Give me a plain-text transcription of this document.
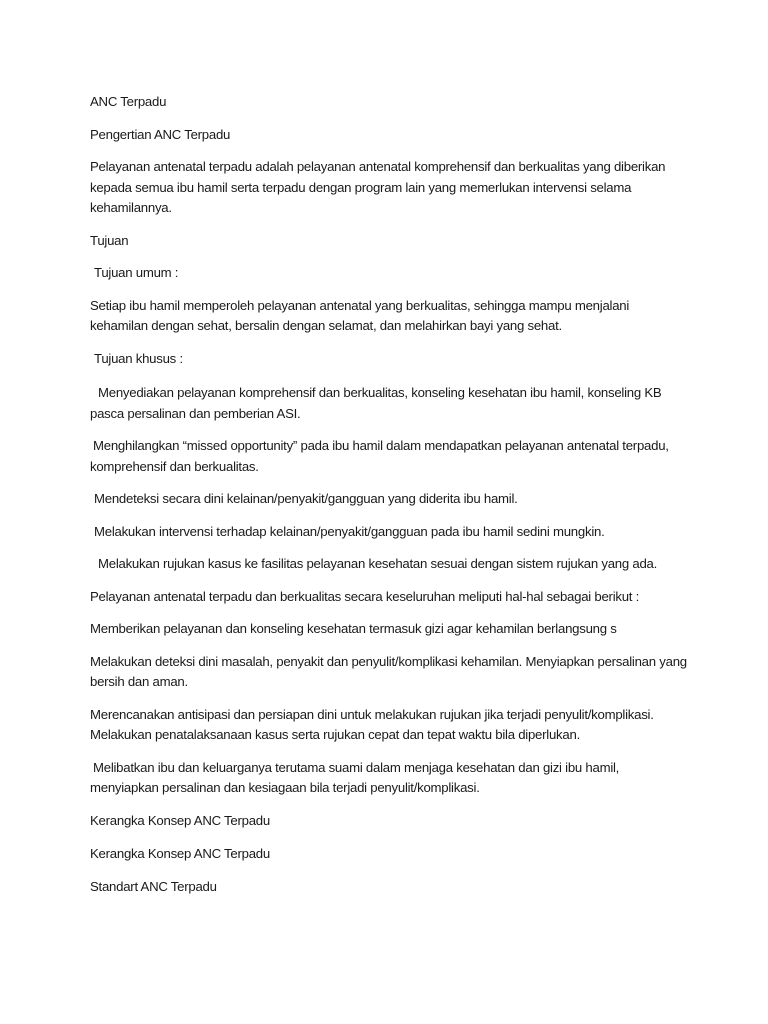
ANC Terpadu

Pengertian ANC Terpadu

Pelayanan antenatal terpadu adalah pelayanan antenatal komprehensif dan berkualitas yang diberikan kepada semua ibu hamil serta terpadu dengan program lain yang memerlukan intervensi selama kehamilannya.

Tujuan

Tujuan umum :

Setiap ibu hamil memperoleh pelayanan antenatal yang berkualitas, sehingga mampu menjalani kehamilan dengan sehat, bersalin dengan selamat, dan melahirkan bayi yang sehat.

Tujuan khusus :

Menyediakan pelayanan komprehensif dan berkualitas, konseling kesehatan ibu hamil, konseling KB pasca persalinan dan pemberian ASI.

Menghilangkan “missed opportunity” pada ibu hamil dalam mendapatkan pelayanan antenatal terpadu, komprehensif dan berkualitas.

Mendeteksi secara dini kelainan/penyakit/gangguan yang diderita ibu hamil.

Melakukan intervensi terhadap kelainan/penyakit/gangguan pada ibu hamil sedini mungkin.

Melakukan rujukan kasus ke fasilitas pelayanan kesehatan sesuai dengan sistem rujukan yang ada.

Pelayanan antenatal terpadu dan berkualitas secara keseluruhan meliputi hal-hal sebagai berikut :

Memberikan pelayanan dan konseling kesehatan termasuk gizi agar kehamilan berlangsung s

Melakukan deteksi dini masalah, penyakit dan penyulit/komplikasi kehamilan. Menyiapkan persalinan yang bersih dan aman.

Merencanakan antisipasi dan persiapan dini untuk melakukan rujukan jika terjadi penyulit/komplikasi. Melakukan penatalaksanaan kasus serta rujukan cepat dan tepat waktu bila diperlukan.

Melibatkan ibu dan keluarganya terutama suami dalam menjaga kesehatan dan gizi ibu hamil, menyiapkan persalinan dan kesiagaan bila terjadi penyulit/komplikasi.

Kerangka Konsep ANC Terpadu

Kerangka Konsep ANC Terpadu

Standart ANC Terpadu
